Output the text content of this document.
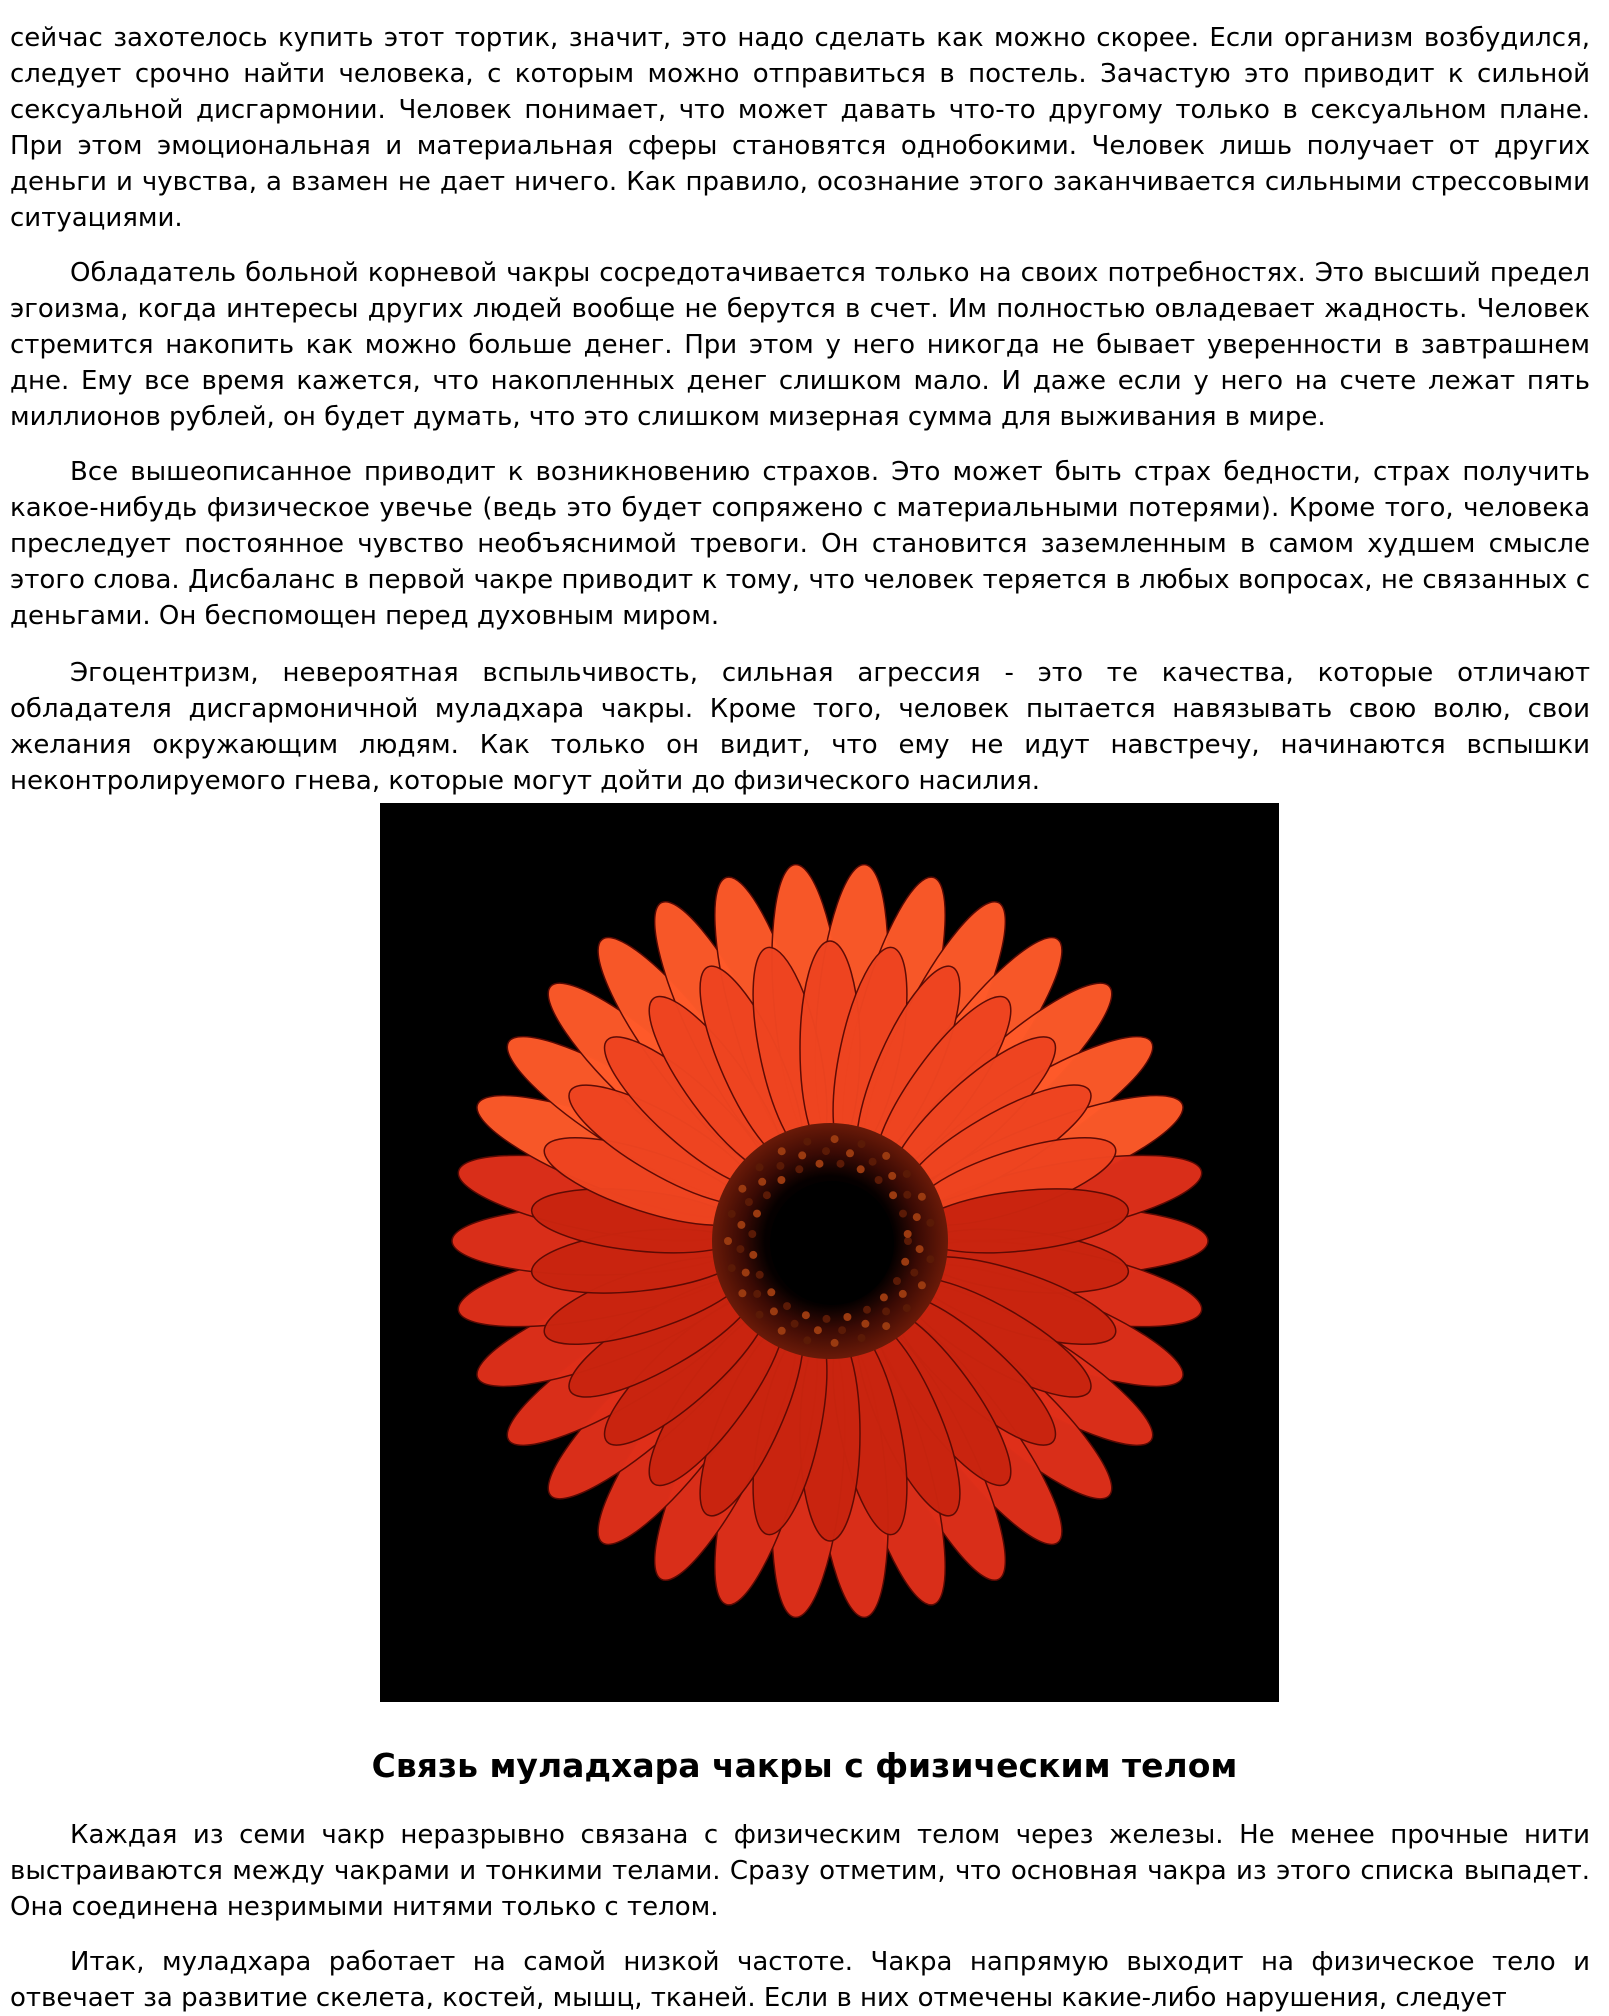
сейчас захотелось купить этот тортик, значит, это надо сделать как можно скорее. Если организм возбудился, следует срочно найти человека, с которым можно отправиться в постель. Зачастую это приводит к сильной сексуальной дисгармонии. Человек понимает, что может давать что-то другому только в сексуальном плане. При этом эмоциональная и материальная сферы становятся однобокими. Человек лишь получает от других деньги и чувства, а взамен не дает ничего. Как правило, осознание этого заканчивается сильными стрессовыми ситуациями.

Обладатель больной корневой чакры сосредотачивается только на своих потребностях. Это высший предел эгоизма, когда интересы других людей вообще не берутся в счет. Им полностью овладевает жадность. Человек стремится накопить как можно больше денег. При этом у него никогда не бывает уверенности в завтрашнем дне. Ему все время кажется, что накопленных денег слишком мало. И даже если у него на счете лежат пять миллионов рублей, он будет думать, что это слишком мизерная сумма для выживания в мире.

Все вышеописанное приводит к возникновению страхов. Это может быть страх бедности, страх получить какое-нибудь физическое увечье (ведь это будет сопряжено с материальными потерями). Кроме того, человека преследует постоянное чувство необъяснимой тревоги. Он становится заземленным в самом худшем смысле этого слова. Дисбаланс в первой чакре приводит к тому, что человек теряется в любых вопросах, не связанных с деньгами. Он беспомощен перед духовным миром.

Эгоцентризм, невероятная вспыльчивость, сильная агрессия - это те качества, которые отличают обладателя дисгармоничной муладхара чакры. Кроме того, человек пытается навязывать свою волю, свои желания окружающим людям. Как только он видит, что ему не идут навстречу, начинаются вспышки неконтролируемого гнева, которые могут дойти до физического насилия.

Связь муладхара чакры с физическим телом

Каждая из семи чакр неразрывно связана с физическим телом через железы. Не менее прочные нити выстраиваются между чакрами и тонкими телами. Сразу отметим, что основная чакра из этого списка выпадет. Она соединена незримыми нитями только с телом.

Итак, муладхара работает на самой низкой частоте. Чакра напрямую выходит на физическое тело и отвечает за развитие скелета, костей, мышц, тканей. Если в них отмечены какие-либо нарушения, следует
